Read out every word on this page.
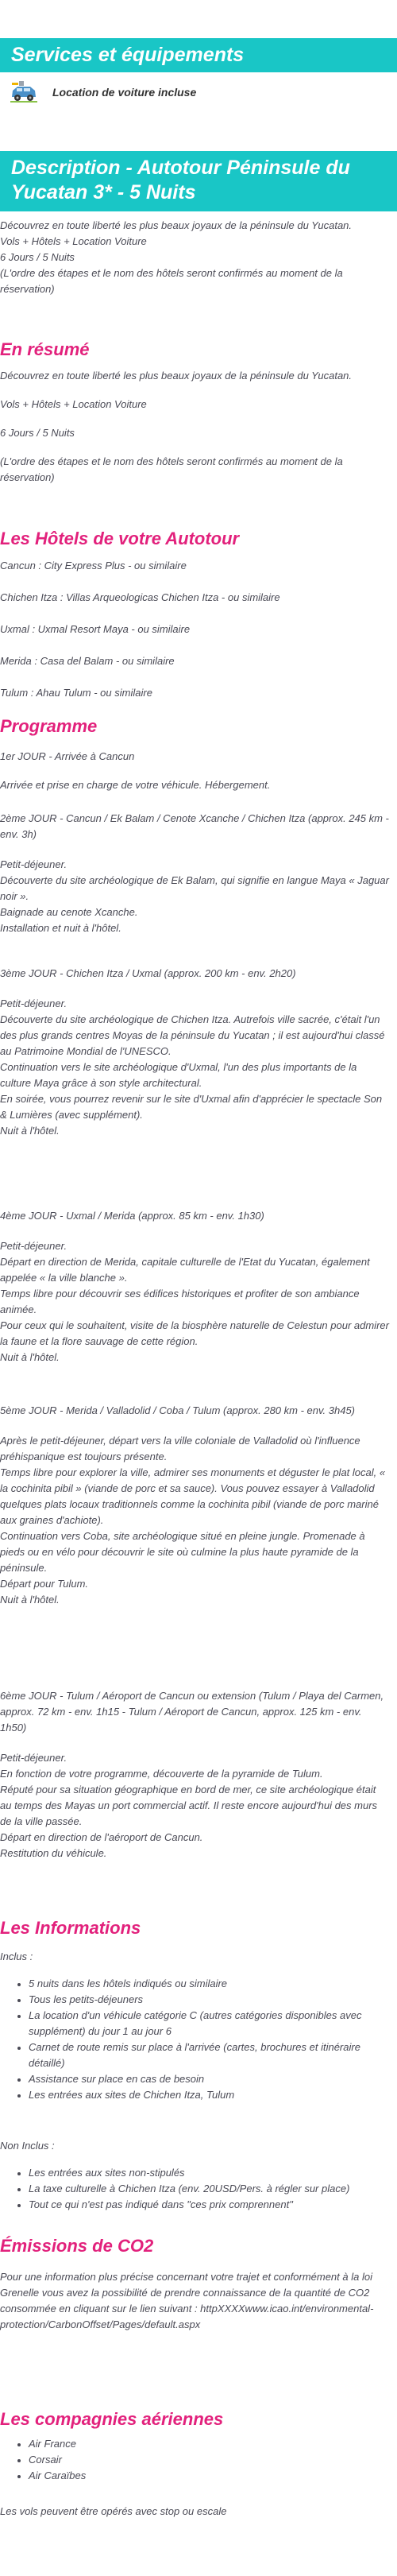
Services et équipements
Location de voiture incluse
Description - Autotour Péninsule du Yucatan 3* - 5 Nuits

Découvrez en toute liberté les plus beaux joyaux de la péninsule du Yucatan.

Vols + Hôtels + Location Voiture

6 Jours / 5 Nuits

(L'ordre des étapes et le nom des hôtels seront confirmés au moment de la réservation)

En résumé

Découvrez en toute liberté les plus beaux joyaux de la péninsule du Yucatan.

Vols + Hôtels + Location Voiture

6 Jours / 5 Nuits

(L'ordre des étapes et le nom des hôtels seront confirmés au moment de la réservation)

Les Hôtels de votre Autotour

Cancun : City Express Plus - ou similaire

Chichen Itza : Villas Arqueologicas Chichen Itza - ou similaire

Uxmal : Uxmal Resort Maya - ou similaire

Merida : Casa del Balam - ou similaire

Tulum : Ahau Tulum - ou similaire

Programme

1er JOUR - Arrivée à Cancun

Arrivée et prise en charge de votre véhicule. Hébergement.

2ème JOUR - Cancun / Ek Balam / Cenote Xcanche / Chichen Itza (approx. 245 km - env. 3h)

Petit-déjeuner.

Découverte du site archéologique de Ek Balam, qui signifie en langue Maya « Jaguar noir ».

Baignade au cenote Xcanche.

Installation et nuit à l'hôtel.

3ème JOUR - Chichen Itza / Uxmal (approx. 200 km - env. 2h20)

Petit-déjeuner.

Découverte du site archéologique de Chichen Itza. Autrefois ville sacrée, c'était l'un des plus grands centres Moyas de la péninsule du Yucatan ; il est aujourd'hui classé au Patrimoine Mondial de l'UNESCO.

Continuation vers le site archéologique d'Uxmal, l'un des plus importants de la culture Maya grâce à son style architectural.

En soirée, vous pourrez revenir sur le site d'Uxmal afin d'apprécier le spectacle Son & Lumières (avec supplément).

Nuit à l'hôtel.

4ème JOUR - Uxmal / Merida (approx. 85 km - env. 1h30)

Petit-déjeuner.

Départ en direction de Merida, capitale culturelle de l'Etat du Yucatan, également appelée « la ville blanche ».

Temps libre pour découvrir ses édifices historiques et profiter de son ambiance animée.

Pour ceux qui le souhaitent, visite de la biosphère naturelle de Celestun pour admirer la faune et la flore sauvage de cette région.

Nuit à l'hôtel.

5ème JOUR - Merida / Valladolid / Coba / Tulum (approx. 280 km - env. 3h45)

Après le petit-déjeuner, départ vers la ville coloniale de Valladolid où l'influence préhispanique est toujours présente.

Temps libre pour explorer la ville, admirer ses monuments et déguster le plat local, « la cochinita pibil » (viande de porc et sa sauce). Vous pouvez essayer à Valladolid quelques plats locaux traditionnels comme la cochinita pibil (viande de porc mariné aux graines d'achiote).

Continuation vers Coba, site archéologique situé en pleine jungle. Promenade à pieds ou en vélo pour découvrir le site où culmine la plus haute pyramide de la péninsule.

Départ pour Tulum.

Nuit à l'hôtel.

6ème JOUR - Tulum / Aéroport de Cancun ou extension (Tulum / Playa del Carmen, approx. 72 km - env. 1h15 - Tulum / Aéroport de Cancun, approx. 125 km - env. 1h50)

Petit-déjeuner.

En fonction de votre programme, découverte de la pyramide de Tulum.

Réputé pour sa situation géographique en bord de mer, ce site archéologique était au temps des Mayas un port commercial actif. Il reste encore aujourd'hui des murs de la ville passée.

Départ en direction de l'aéroport de Cancun.

Restitution du véhicule.

Les Informations

Inclus :

• 5 nuits dans les hôtels indiqués ou similaire
• Tous les petits-déjeuners
• La location d'un véhicule catégorie C (autres catégories disponibles avec supplément) du jour 1 au jour 6
• Carnet de route remis sur place à l'arrivée (cartes, brochures et itinéraire détaillé)
• Assistance sur place en cas de besoin
• Les entrées aux sites de Chichen Itza, Tulum

Non Inclus :

• Les entrées aux sites non-stipulés
• La taxe culturelle à Chichen Itza (env. 20USD/Pers. à régler sur place)
• Tout ce qui n'est pas indiqué dans "ces prix comprennent"
Émissions de CO2

Pour une information plus précise concernant votre trajet et conformément à la loi Grenelle vous avez la possibilité de prendre connaissance de la quantité de CO2 consommée en cliquant sur le lien suivant : httpXXXXwww.icao.int/environmental-protection/CarbonOffset/Pages/default.aspx

Les compagnies aériennes
• Air France
• Corsair
• Air Caraïbes

Les vols peuvent être opérés avec stop ou escale
